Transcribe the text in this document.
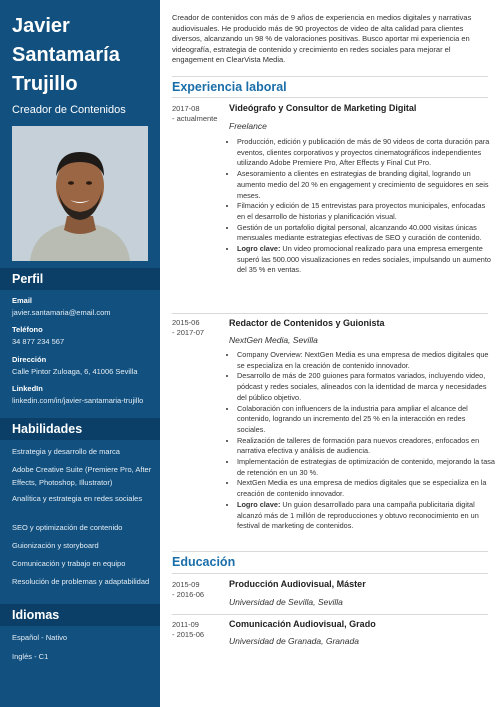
Javier
Santamaría
Trujillo
Creador de Contenidos
Perfil
Email
javier.santamaria@email.com
Teléfono
34 877 234 567
Dirección
Calle Pintor Zuloaga, 6, 41006 Sevilla
LinkedIn
linkedin.com/in/javier-santamaria-trujillo
Habilidades
Estrategia y desarrollo de marca
Adobe Creative Suite (Premiere Pro, After Effects, Photoshop, Illustrator)
Analítica y estrategia en redes sociales
SEO y optimización de contenido
Guionización y storyboard
Comunicación y trabajo en equipo
Resolución de problemas y adaptabilidad
Idiomas
Español - Nativo
Inglés - C1
Creador de contenidos con más de 9 años de experiencia en medios digitales y narrativas audiovisuales. He producido más de 90 proyectos de video de alta calidad para clientes diversos, alcanzando un 98 % de valoraciones positivas. Busco aportar mi experiencia en videografía, estrategia de contenido y crecimiento en redes sociales para mejorar el engagement en ClearVista Media.
Experiencia laboral
2017-08
- actualmente
Videógrafo y Consultor de Marketing Digital
Freelance
• Producción, edición y publicación de más de 90 videos de corta duración para eventos, clientes corporativos y proyectos cinematográficos independientes utilizando Adobe Premiere Pro, After Effects y Final Cut Pro.
• Asesoramiento a clientes en estrategias de branding digital, logrando un aumento medio del 20 % en engagement y crecimiento de seguidores en seis meses.
• Filmación y edición de 15 entrevistas para proyectos municipales, enfocadas en el desarrollo de historias y planificación visual.
• Gestión de un portafolio digital personal, alcanzando 40.000 visitas únicas mensuales mediante estrategias efectivas de SEO y curación de contenido.
• Logro clave: Un video promocional realizado para una empresa emergente superó las 500.000 visualizaciones en redes sociales, impulsando un aumento del 35 % en ventas.
2015-06
- 2017-07
Redactor de Contenidos y Guionista
NextGen Media, Sevilla
• Company Overview: NextGen Media es una empresa de medios digitales que se especializa en la creación de contenido innovador.
• Desarrollo de más de 200 guiones para formatos variados, incluyendo video, pódcast y redes sociales, alineados con la identidad de marca y necesidades del público objetivo.
• Colaboración con influencers de la industria para ampliar el alcance del contenido, logrando un incremento del 25 % en la interacción en redes sociales.
• Realización de talleres de formación para nuevos creadores, enfocados en narrativa efectiva y análisis de audiencia.
• Implementación de estrategias de optimización de contenido, mejorando la tasa de retención en un 30 %.
• NextGen Media es una empresa de medios digitales que se especializa en la creación de contenido innovador.
• Logro clave: Un guion desarrollado para una campaña publicitaria digital alcanzó más de 1 millón de reproducciones y obtuvo reconocimiento en un festival de marketing de contenidos.
Educación
2015-09
- 2016-06
Producción Audiovisual, Máster
Universidad de Sevilla, Sevilla
2011-09
- 2015-06
Comunicación Audiovisual, Grado
Universidad de Granada, Granada
